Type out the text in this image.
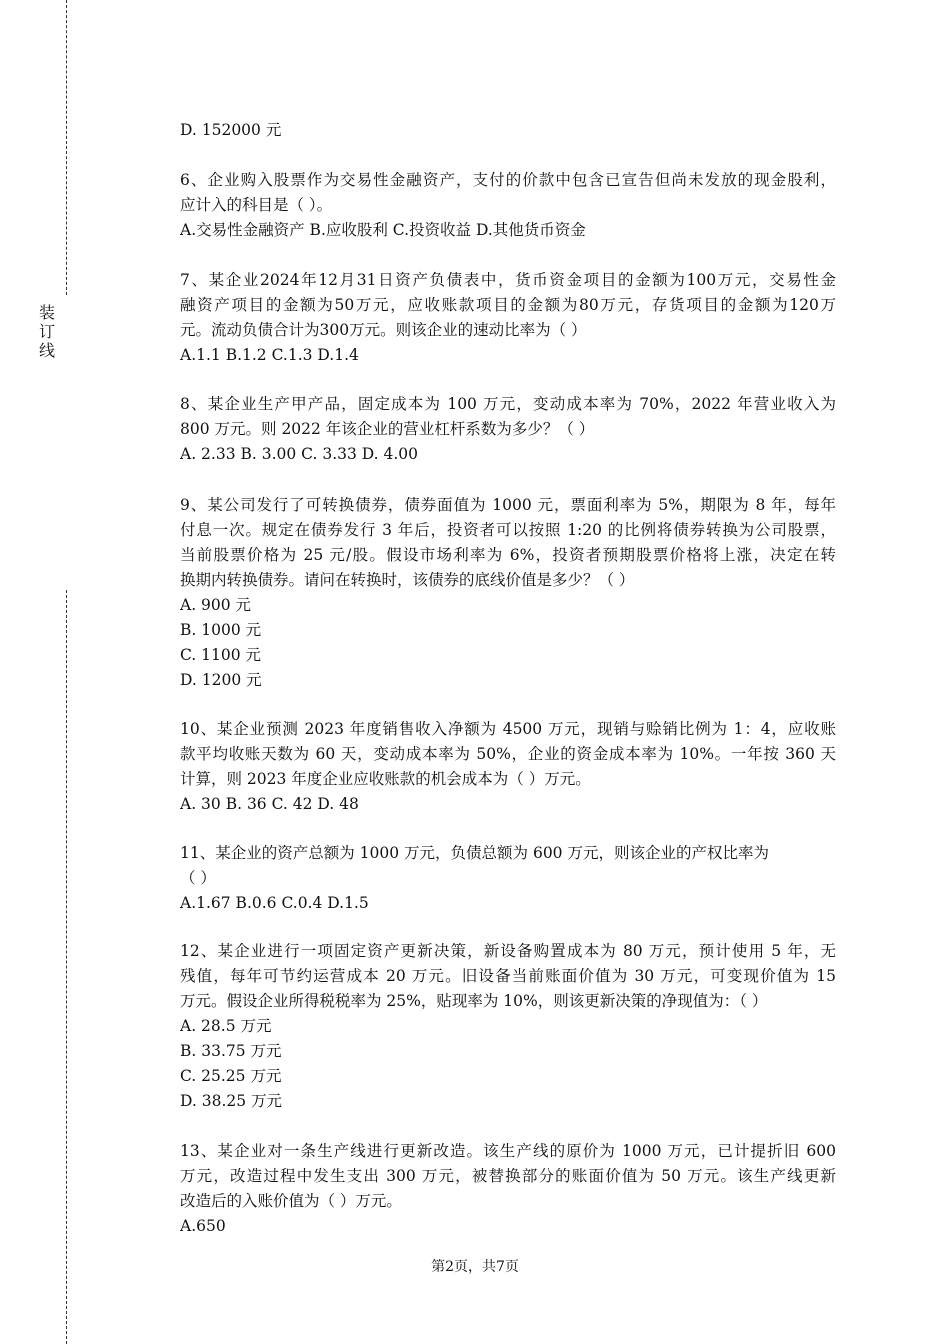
装订线
D. 152000 元
6、企业购入股票作为交易性金融资产，支付的价款中包含已宣告但尚未发放的现金股利，
应计入的科目是（ ）。
A.交易性金融资产 B.应收股利 C.投资收益 D.其他货币资金
7、某企业2024年12月31日资产负债表中，货币资金项目的金额为100万元，交易性金
融资产项目的金额为50万元，应收账款项目的金额为80万元，存货项目的金额为120万
元。流动负债合计为300万元。则该企业的速动比率为（ ）
A.1.1 B.1.2 C.1.3 D.1.4
8、某企业生产甲产品，固定成本为 100 万元，变动成本率为 70%，2022 年营业收入为
800 万元。则 2022 年该企业的营业杠杆系数为多少？（ ）
A. 2.33 B. 3.00 C. 3.33 D. 4.00
9、某公司发行了可转换债券，债券面值为 1000 元，票面利率为 5%，期限为 8 年，每年
付息一次。规定在债券发行 3 年后，投资者可以按照 1:20 的比例将债券转换为公司股票，
当前股票价格为 25 元/股。假设市场利率为 6%，投资者预期股票价格将上涨，决定在转
换期内转换债券。请问在转换时，该债券的底线价值是多少？（ ）
A. 900 元
B. 1000 元
C. 1100 元
D. 1200 元
10、某企业预测 2023 年度销售收入净额为 4500 万元，现销与赊销比例为 1：4，应收账
款平均收账天数为 60 天，变动成本率为 50%，企业的资金成本率为 10%。一年按 360 天
计算，则 2023 年度企业应收账款的机会成本为（ ）万元。
A. 30 B. 36 C. 42 D. 48
11、某企业的资产总额为 1000 万元，负债总额为 600 万元，则该企业的产权比率为
（ ）
A.1.67 B.0.6 C.0.4 D.1.5
12、某企业进行一项固定资产更新决策，新设备购置成本为 80 万元，预计使用 5 年，无
残值，每年可节约运营成本 20 万元。旧设备当前账面价值为 30 万元，可变现价值为 15
万元。假设企业所得税税率为 25%，贴现率为 10%，则该更新决策的净现值为：（ ）
A. 28.5 万元
B. 33.75 万元
C. 25.25 万元
D. 38.25 万元
13、某企业对一条生产线进行更新改造。该生产线的原价为 1000 万元，已计提折旧 600
万元，改造过程中发生支出 300 万元，被替换部分的账面价值为 50 万元。该生产线更新
改造后的入账价值为（ ）万元。
A.650
第2页，共7页
